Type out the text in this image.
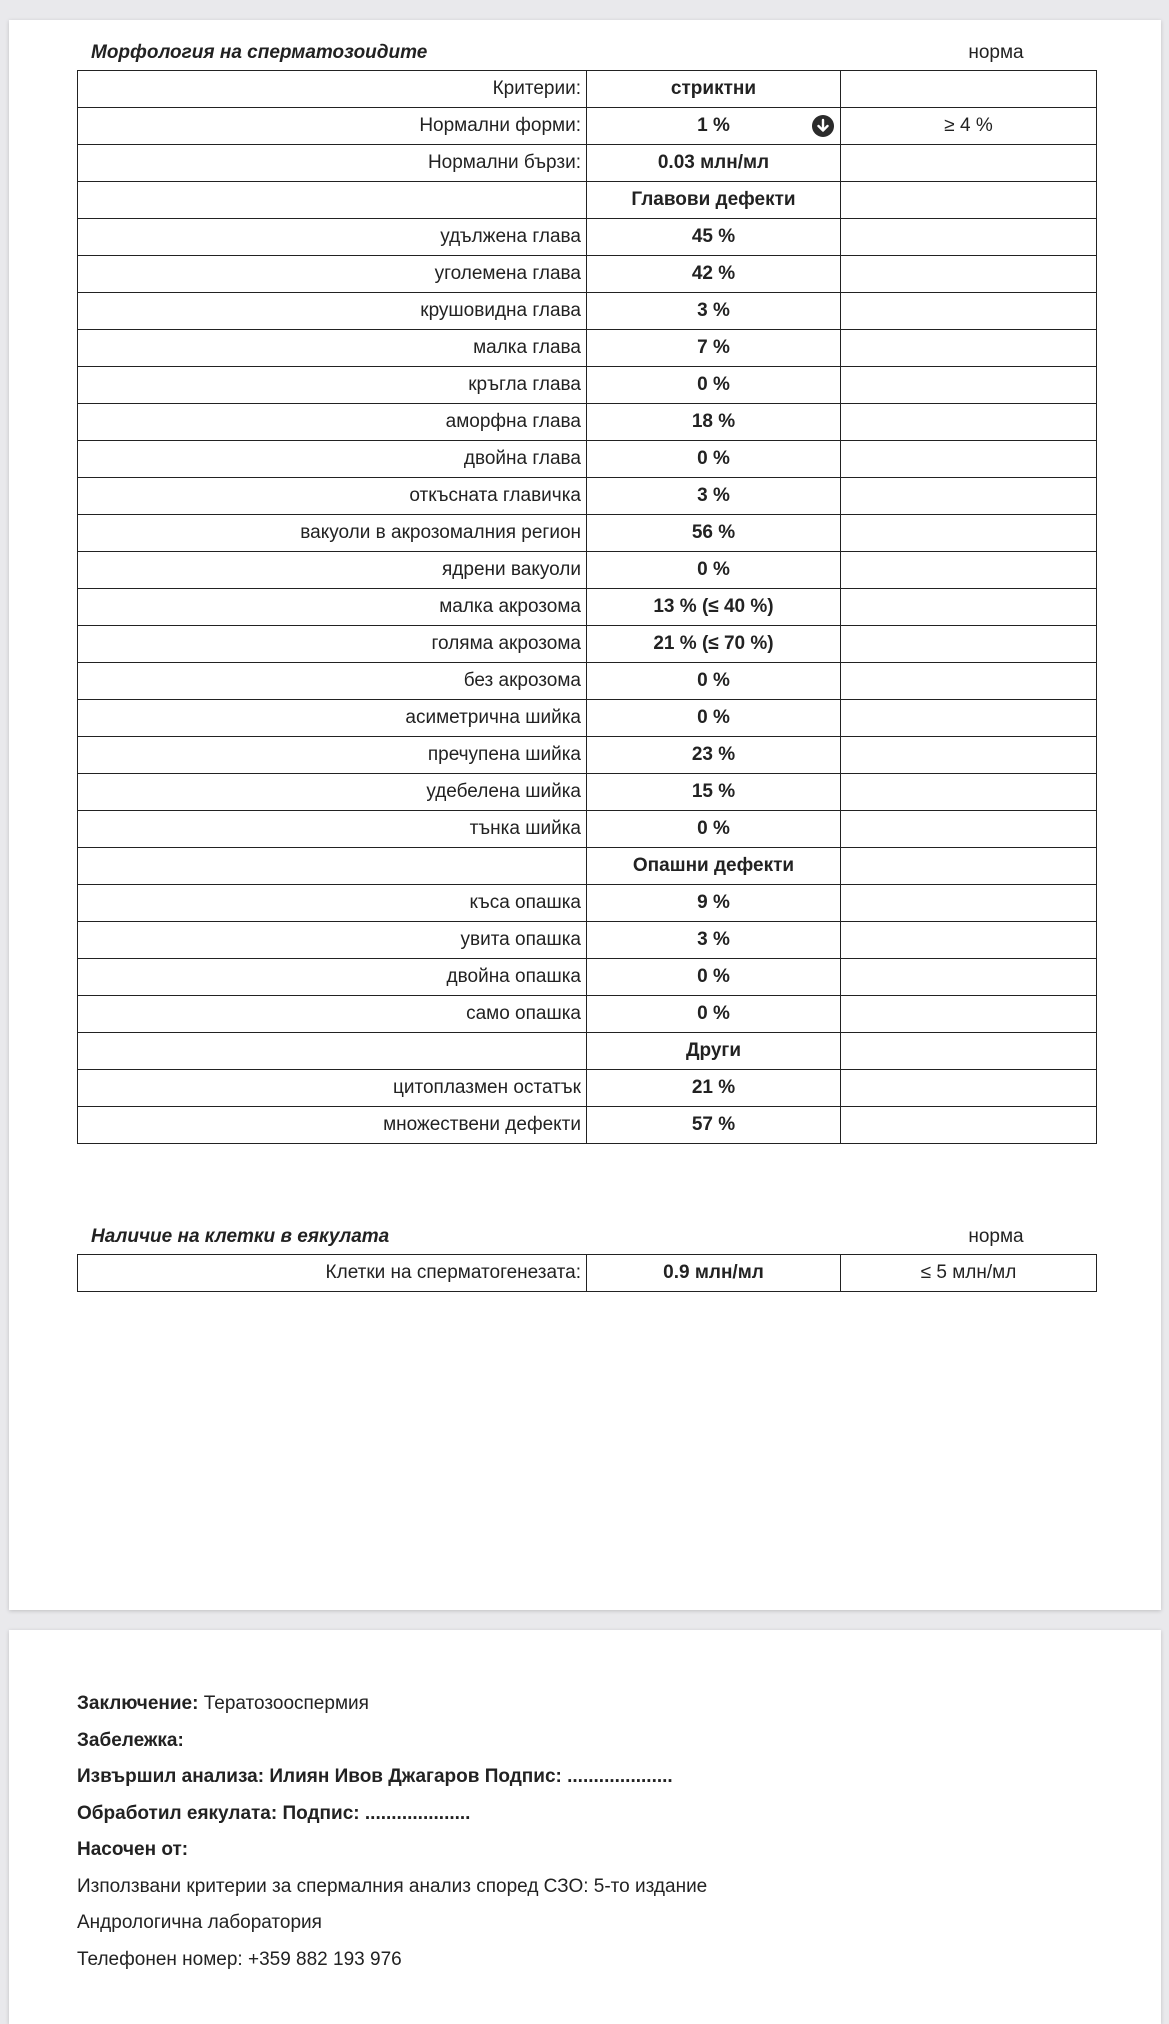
Морфология на сперматозоидите	норма
Критерии:	стриктни	
Нормални форми:	1 %	≥ 4 %
Нормални бързи:	0.03 млн/мл	
	Главови дефекти	
удължена глава	45 %	
уголемена глава	42 %	
крушовидна глава	3 %	
малка глава	7 %	
кръгла глава	0 %	
аморфна глава	18 %	
двойна глава	0 %	
откъсната главичка	3 %	
вакуоли в акрозомалния регион	56 %	
ядрени вакуоли	0 %	
малка акрозома	13 % (≤ 40 %)	
голяма акрозома	21 % (≤ 70 %)	
без акрозома	0 %	
асиметрична шийка	0 %	
пречупена шийка	23 %	
удебелена шийка	15 %	
тънка шийка	0 %	
	Опашни дефекти	
къса опашка	9 %	
увита опашка	3 %	
двойна опашка	0 %	
само опашка	0 %	
	Други	
цитоплазмен остатък	21 %	
множествени дефекти	57 %	
Наличие на клетки в еякулата	норма
Клетки на сперматогенезата:	0.9 млн/мл	≤ 5 млн/мл
Заключение: Тератозооспермия
Забележка:
Извършил анализа: Илиян Ивов Джагаров Подпис: ....................
Обработил еякулата: Подпис: ....................
Насочен от:
Използвани критерии за спермалния анализ според СЗО: 5-то издание
Андрологична лаборатория
Телефонен номер: +359 882 193 976
